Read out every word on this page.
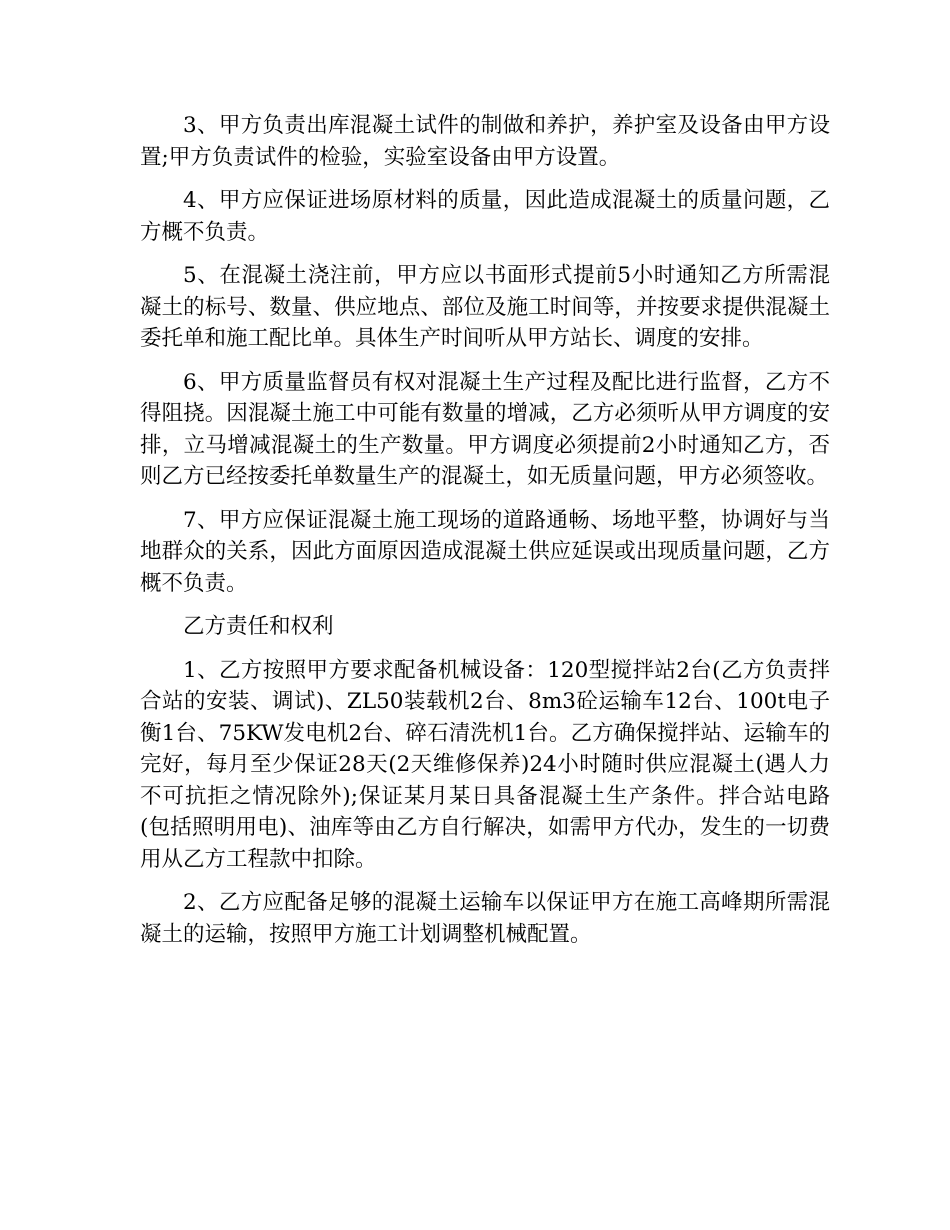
3、甲方负责出库混凝土试件的制做和养护，养护室及设备由甲方设置;甲方负责试件的检验，实验室设备由甲方设置。

4、甲方应保证进场原材料的质量，因此造成混凝土的质量问题，乙方概不负责。

5、在混凝土浇注前，甲方应以书面形式提前5小时通知乙方所需混凝土的标号、数量、供应地点、部位及施工时间等，并按要求提供混凝土委托单和施工配比单。具体生产时间听从甲方站长、调度的安排。

6、甲方质量监督员有权对混凝土生产过程及配比进行监督，乙方不得阻挠。因混凝土施工中可能有数量的增减，乙方必须听从甲方调度的安排，立马增减混凝土的生产数量。甲方调度必须提前2小时通知乙方，否则乙方已经按委托单数量生产的混凝土，如无质量问题，甲方必须签收。

7、甲方应保证混凝土施工现场的道路通畅、场地平整，协调好与当地群众的关系，因此方面原因造成混凝土供应延误或出现质量问题，乙方概不负责。

乙方责任和权利

1、乙方按照甲方要求配备机械设备：120型搅拌站2台(乙方负责拌合站的安装、调试)、ZL50装载机2台、8m3砼运输车12台、100t电子衡1台、75KW发电机2台、碎石清洗机1台。乙方确保搅拌站、运输车的完好，每月至少保证28天(2天维修保养)24小时随时供应混凝土(遇人力不可抗拒之情况除外);保证某月某日具备混凝土生产条件。拌合站电路(包括照明用电)、油库等由乙方自行解决，如需甲方代办，发生的一切费用从乙方工程款中扣除。

2、乙方应配备足够的混凝土运输车以保证甲方在施工高峰期所需混凝土的运输，按照甲方施工计划调整机械配置。
